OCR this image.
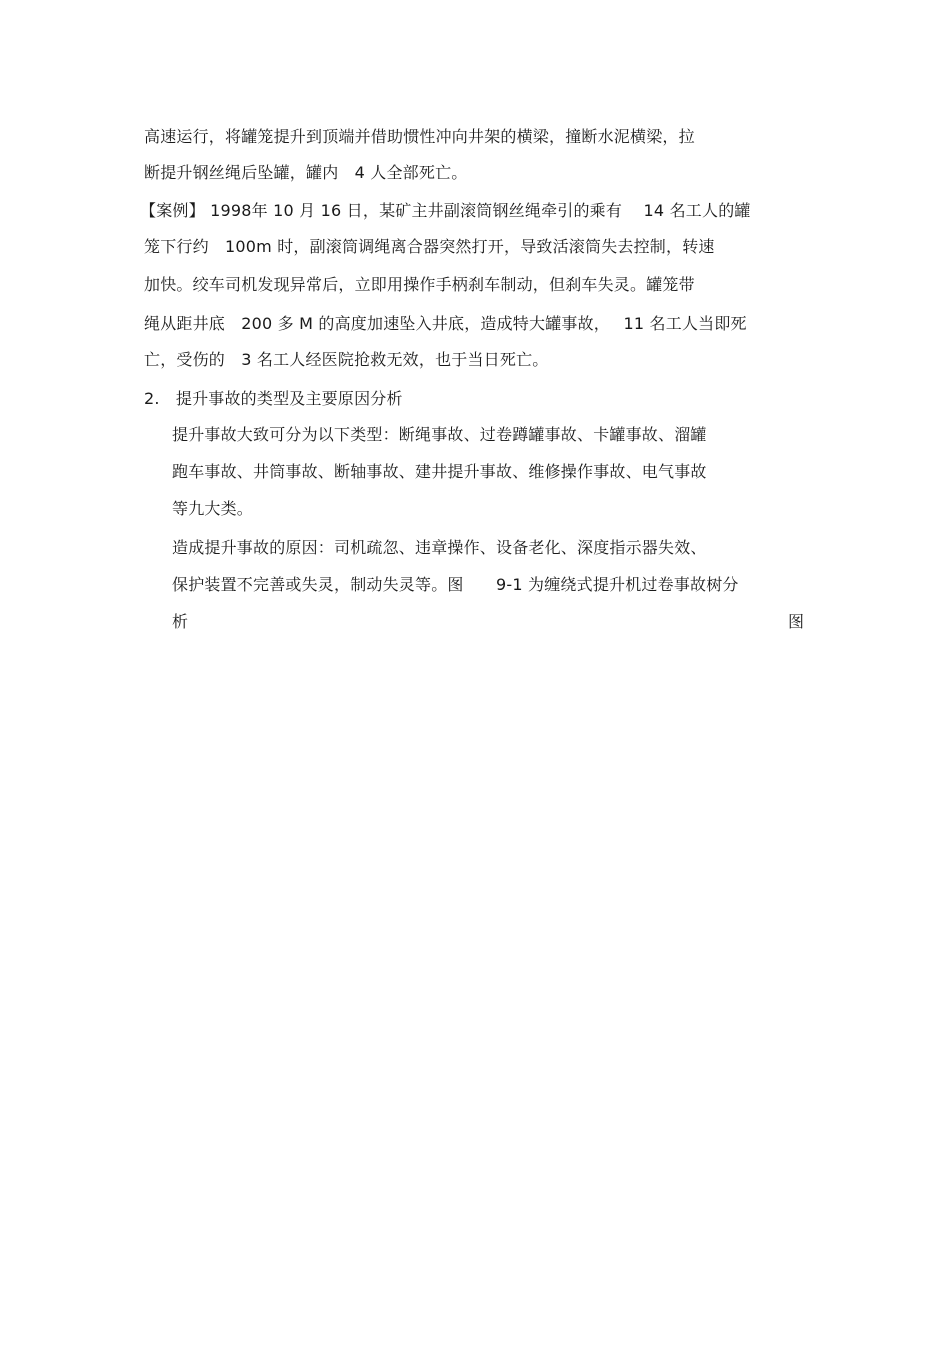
高速运行，将罐笼提升到顶端并借助惯性冲向井架的横梁，撞断水泥横梁，拉
断提升钢丝绳后坠罐，罐内　4 人全部死亡。
【案例】 1998年 10 月 16 日，某矿主井副滚筒钢丝绳牵引的乘有　 14 名工人的罐
笼下行约　100m 时，副滚筒调绳离合器突然打开，导致活滚筒失去控制，转速
加快。绞车司机发现异常后，立即用操作手柄刹车制动，但刹车失灵。罐笼带
绳从距井底　200 多 M 的高度加速坠入井底，造成特大罐事故，　 11 名工人当即死
亡，受伤的　3 名工人经医院抢救无效，也于当日死亡。
2.　提升事故的类型及主要原因分析
提升事故大致可分为以下类型：断绳事故、过卷蹲罐事故、卡罐事故、溜罐
跑车事故、井筒事故、断轴事故、建井提升事故、维修操作事故、电气事故
等九大类。
造成提升事故的原因：司机疏忽、违章操作、设备老化、深度指示器失效、
保护装置不完善或失灵，制动失灵等。图　　9-1 为缠绕式提升机过卷事故树分
析	图
